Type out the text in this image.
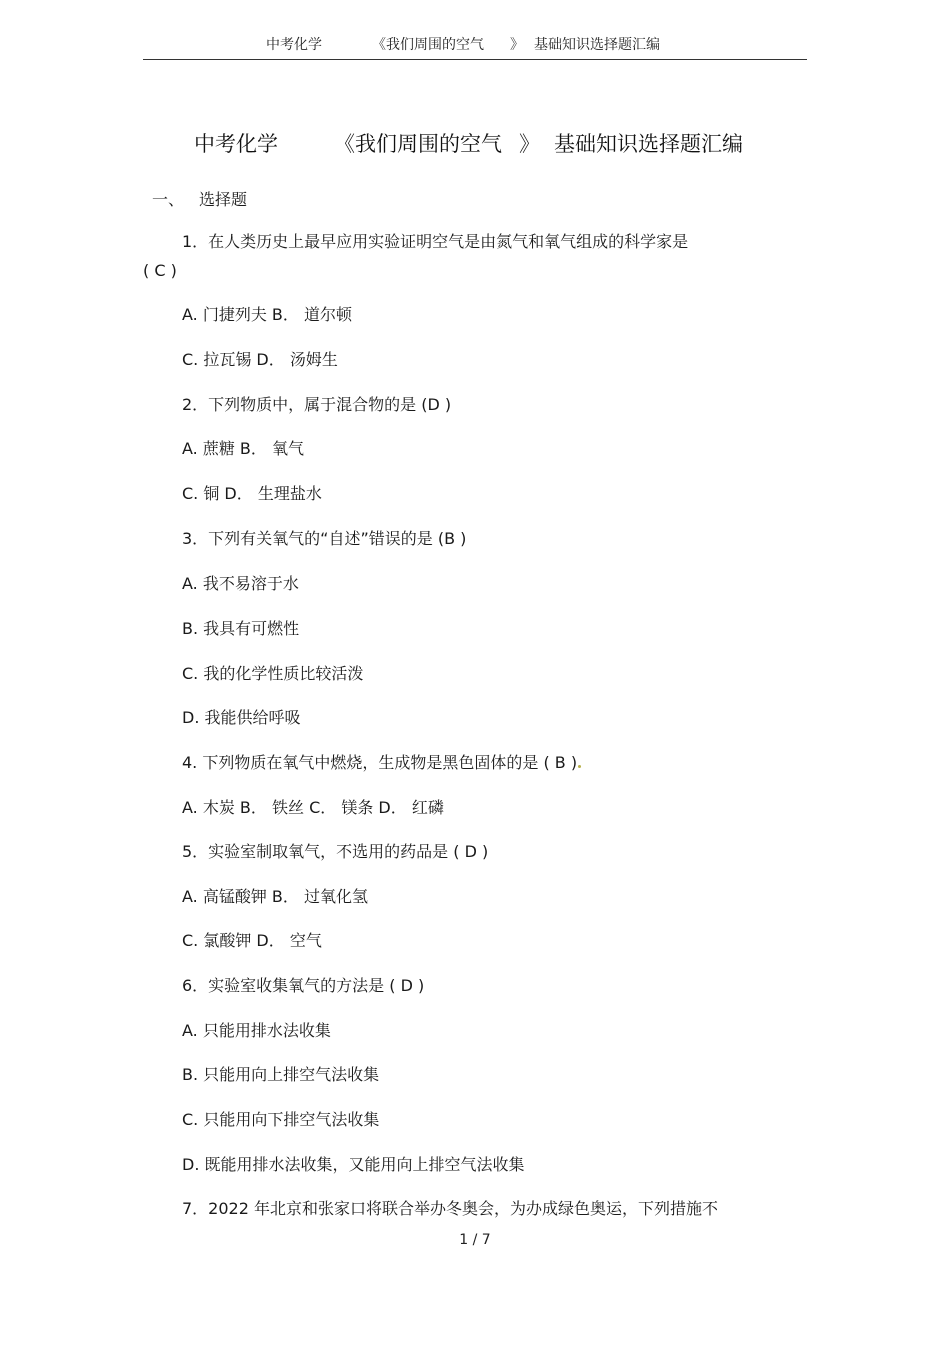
中考化学	《我们周围的空气 》 基础知识选择题汇编
中考化学	《我们周围的空气 》 基础知识选择题汇编
一、 选择题
1．在人类历史上最早应用实验证明空气是由氮气和氧气组成的科学家是
( C )
A. 门捷列夫 B． 道尔顿
C. 拉瓦锡 D． 汤姆生
2．下列物质中，属于混合物的是 (D )
A. 蔗糖 B． 氧气
C. 铜 D． 生理盐水
3．下列有关氧气的“自述”错误的是 (B )
A. 我不易溶于水
B. 我具有可燃性
C. 我的化学性质比较活泼
D. 我能供给呼吸
4. 下列物质在氧气中燃烧，生成物是黑色固体的是 ( B )
A. 木炭 B． 铁丝 C． 镁条 D． 红磷
5．实验室制取氧气，不选用的药品是 ( D )
A. 高锰酸钾 B． 过氧化氢
C. 氯酸钾 D． 空气
6．实验室收集氧气的方法是 ( D )
A. 只能用排水法收集
B. 只能用向上排空气法收集
C. 只能用向下排空气法收集
D. 既能用排水法收集，又能用向上排空气法收集
7．2022 年北京和张家口将联合举办冬奥会，为办成绿色奥运，下列措施不
1 / 7
